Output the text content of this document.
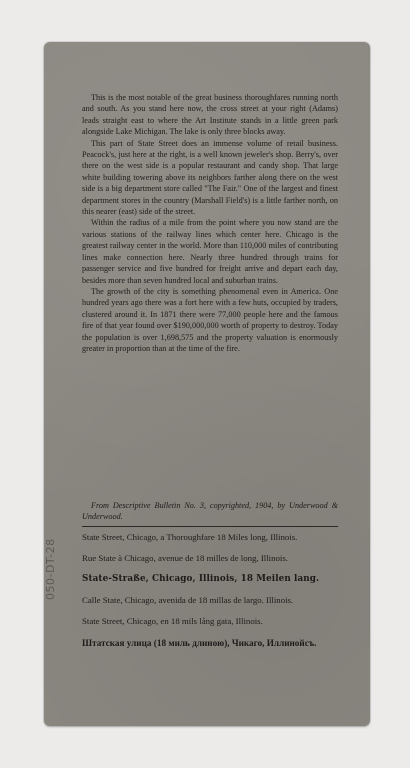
050-DT-28

This is the most notable of the great business thoroughfares running north and south. As you stand here now, the cross street at your right (Adams) leads straight east to where the Art Institute stands in a little green park alongside Lake Michigan. The lake is only three blocks away.

This part of State Street does an immense volume of retail business. Peacock's, just here at the right, is a well known jeweler's shop. Berry's, over there on the west side is a popular restaurant and candy shop. That large white building towering above its neighbors farther along there on the west side is a big department store called "The Fair." One of the largest and finest department stores in the country (Marshall Field's) is a little farther north, on this nearer (east) side of the street.

Within the radius of a mile from the point where you now stand are the various stations of the railway lines which center here. Chicago is the greatest railway center in the world. More than 110,000 miles of contributing lines make connection here. Nearly three hundred through trains for passenger service and five hundred for freight arrive and depart each day, besides more than seven hundred local and suburban trains.

The growth of the city is something phenomenal even in America. One hundred years ago there was a fort here with a few huts, occupied by traders, clustered around it. In 1871 there were 77,000 people here and the famous fire of that year found over $190,000,000 worth of property to destroy. Today the population is over 1,698,575 and the property valuation is enormously greater in proportion than at the time of the fire.

From Descriptive Bulletin No. 3, copyrighted, 1904, by Underwood & Underwood.
State Street, Chicago, a Thoroughfare 18 Miles long, Illinois.
Rue State à Chicago, avenue de 18 milles de long, Illinois.
State-Straße, Chicago, Illinois, 18 Meilen lang.
Calle State, Chicago, avenida de 18 millas de largo. Illinois.
State Street, Chicago, en 18 mils lång gata, Illinois.
Штатская улица (18 миль длиною), Чикаго, Иллинойсъ.
